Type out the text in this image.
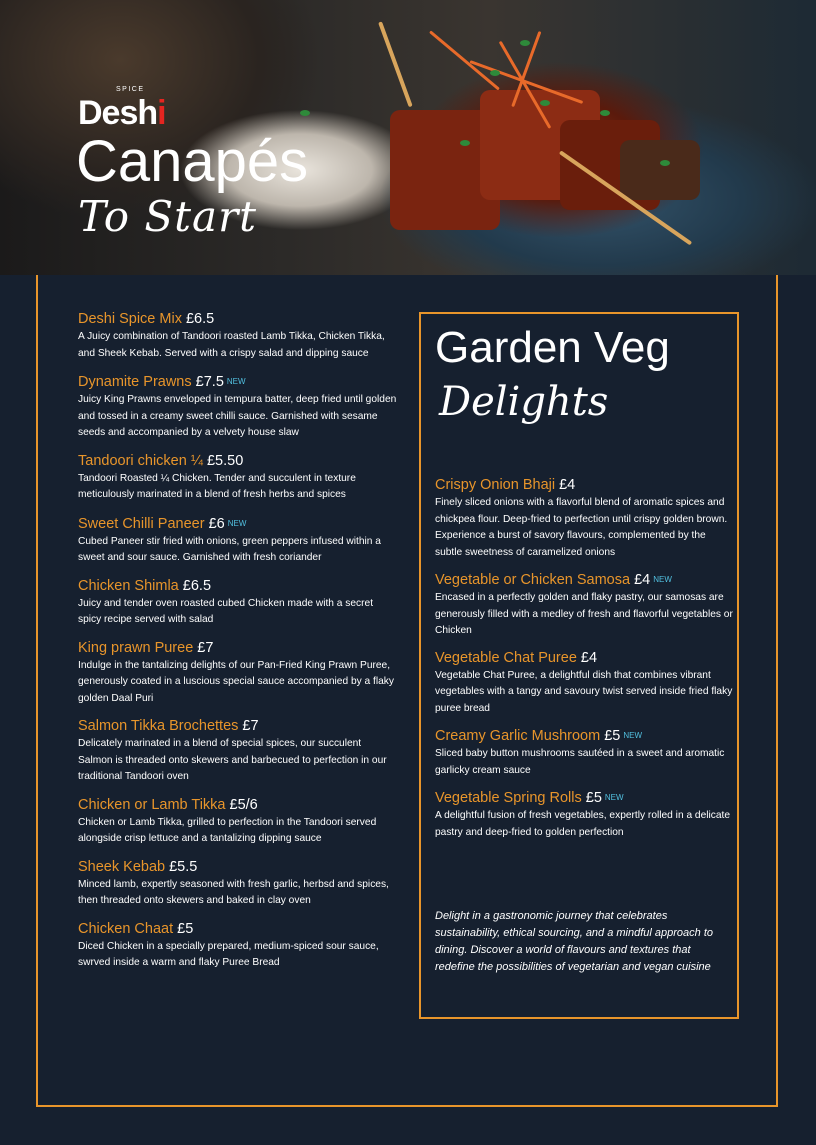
SPICE
Deshi
Canapés
To Start
Deshi Spice Mix £6.5
A Juicy combination of Tandoori roasted Lamb Tikka, Chicken Tikka, and Sheek Kebab. Served with a crispy salad and dipping sauce
Dynamite Prawns £7.5 NEW
Juicy King Prawns enveloped in tempura batter, deep fried until golden and tossed in a creamy sweet chilli sauce. Garnished with sesame seeds and accompanied by a velvety house slaw
Tandoori chicken ¼ £5.50
Tandoori Roasted ¼ Chicken. Tender and succulent in texture meticulously marinated in a blend of fresh herbs and spices
Sweet Chilli Paneer £6 NEW
Cubed Paneer stir fried with onions, green peppers infused within a sweet and sour sauce. Garnished with fresh coriander
Chicken Shimla £6.5
Juicy and tender oven roasted cubed Chicken made with a secret spicy recipe served with salad
King prawn Puree £7
Indulge in the tantalizing delights of our Pan-Fried King Prawn Puree, generously coated in a luscious special sauce accompanied by a flaky golden Daal Puri
Salmon Tikka Brochettes £7
Delicately marinated in a blend of special spices, our succulent Salmon is threaded onto skewers and barbecued to perfection in our traditional Tandoori oven
Chicken or Lamb Tikka £5/6
Chicken or Lamb Tikka, grilled to perfection in the Tandoori served alongside crisp lettuce and a tantalizing dipping sauce
Sheek Kebab £5.5
Minced lamb, expertly seasoned with fresh garlic, herbsd and spices, then threaded onto skewers and baked in clay oven
Chicken Chaat £5
Diced Chicken in a specially prepared, medium-spiced sour sauce, swrved inside a warm and flaky Puree Bread
Garden Veg
Delights
Crispy Onion Bhaji £4
Finely sliced onions with a flavorful blend of aromatic spices and chickpea flour. Deep-fried to perfection until crispy golden brown. Experience a burst of savory flavours, complemented by the subtle sweetness of caramelized onions
Vegetable or Chicken Samosa £4 NEW
Encased in a perfectly golden and flaky pastry, our samosas are generously filled with a medley of fresh and flavorful vegetables or Chicken
Vegetable Chat Puree £4
Vegetable Chat Puree, a delightful dish that combines vibrant vegetables with a tangy and savoury twist served inside fried flaky puree bread
Creamy Garlic Mushroom £5 NEW
Sliced baby button mushrooms sautéed in a sweet and aromatic garlicky cream sauce
Vegetable Spring Rolls £5 NEW
A delightful fusion of fresh vegetables, expertly rolled in a delicate pastry and deep-fried to golden perfection
Delight in a gastronomic journey that celebrates sustainability, ethical sourcing, and a mindful approach to dining. Discover a world of flavours and textures that redefine the possibilities of vegetarian and vegan cuisine
